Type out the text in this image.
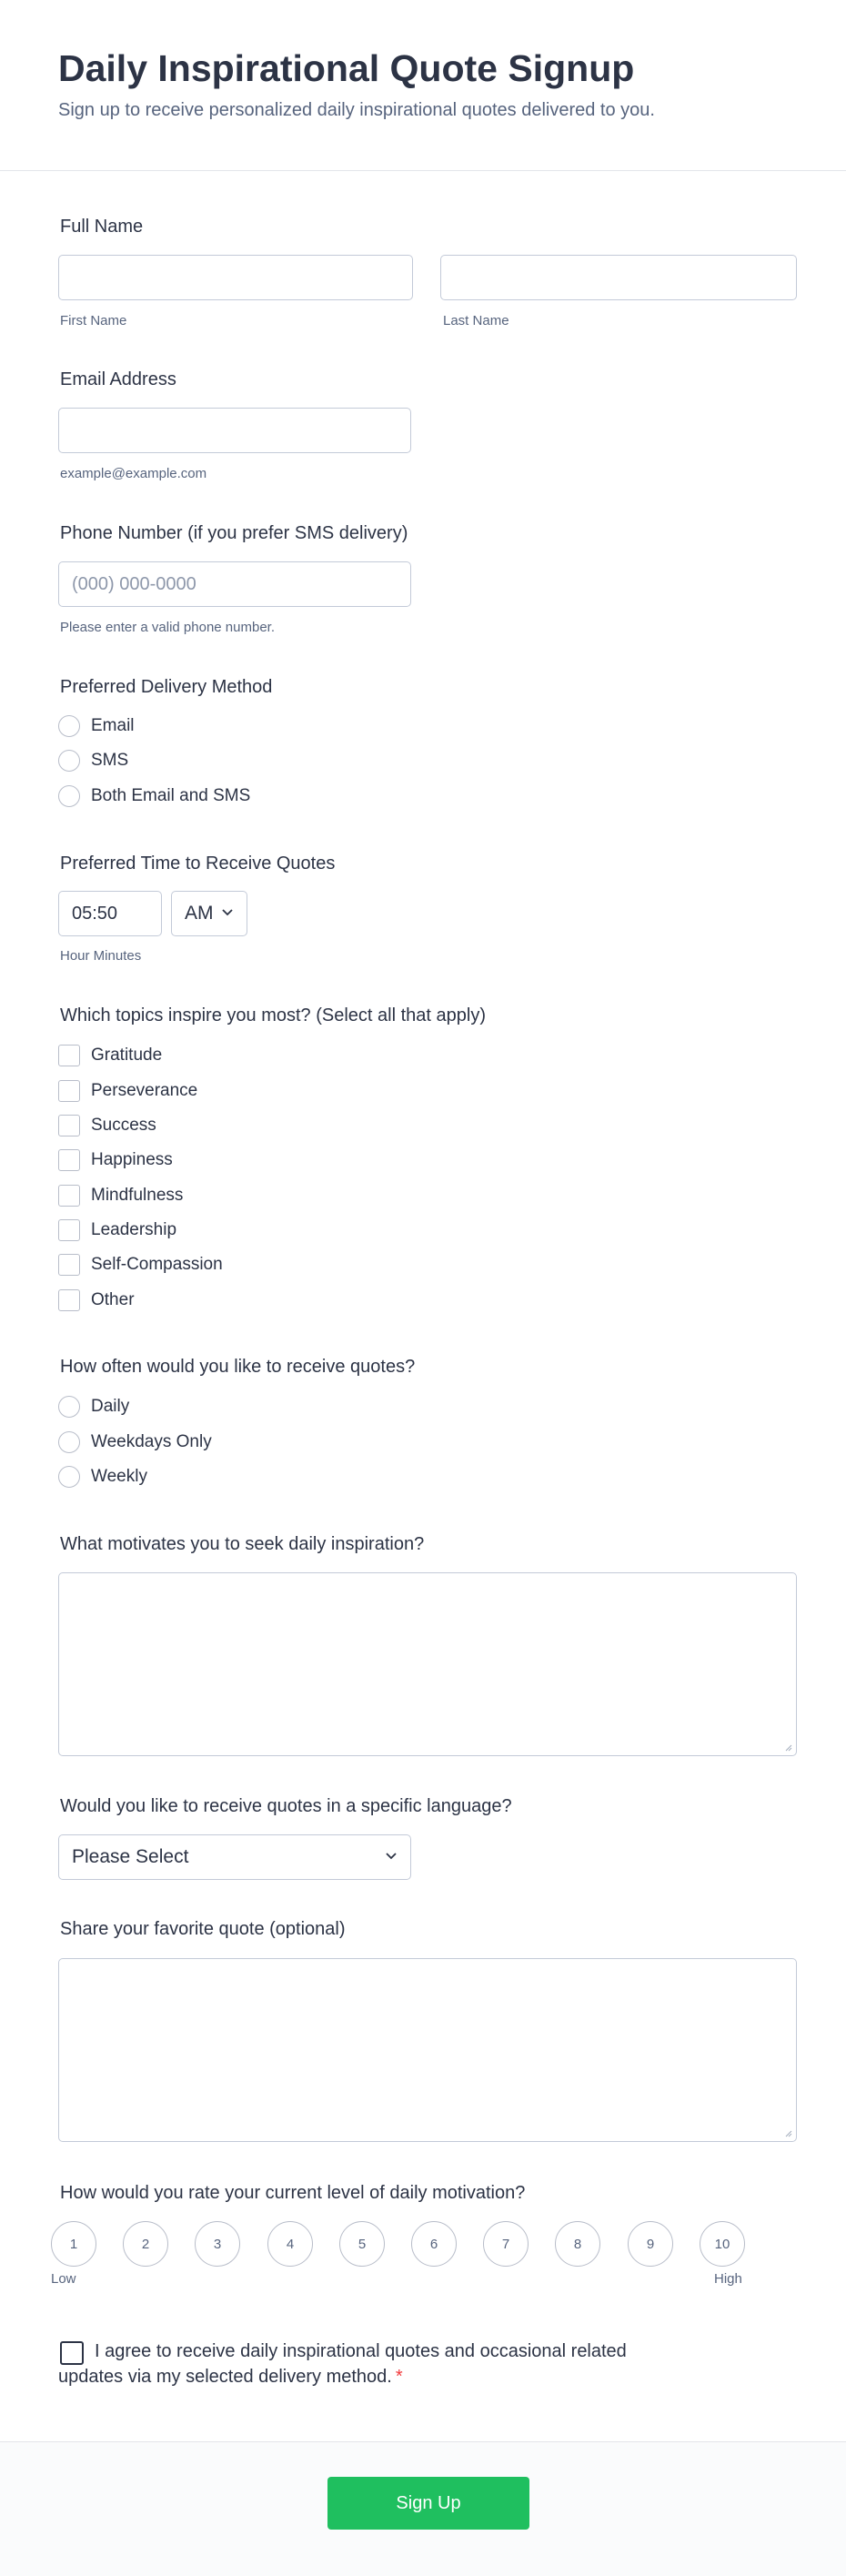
Daily Inspirational Quote Signup
Sign up to receive personalized daily inspirational quotes delivered to you.
Full Name
First Name	Last Name
Email Address
example@example.com
Phone Number (if you prefer SMS delivery)
(000) 000-0000
Please enter a valid phone number.
Preferred Delivery Method
Email
SMS
Both Email and SMS
Preferred Time to Receive Quotes
05:50	AM
Hour Minutes
Which topics inspire you most? (Select all that apply)
Gratitude
Perseverance
Success
Happiness
Mindfulness
Leadership
Self-Compassion
Other
How often would you like to receive quotes?
Daily
Weekdays Only
Weekly
What motivates you to seek daily inspiration?
Would you like to receive quotes in a specific language?
Please Select
Share your favorite quote (optional)
How would you rate your current level of daily motivation?
1	2	3	4	5	6	7	8	9	10
Low	High
I agree to receive daily inspirational quotes and occasional related updates via my selected delivery method. *
Sign Up
